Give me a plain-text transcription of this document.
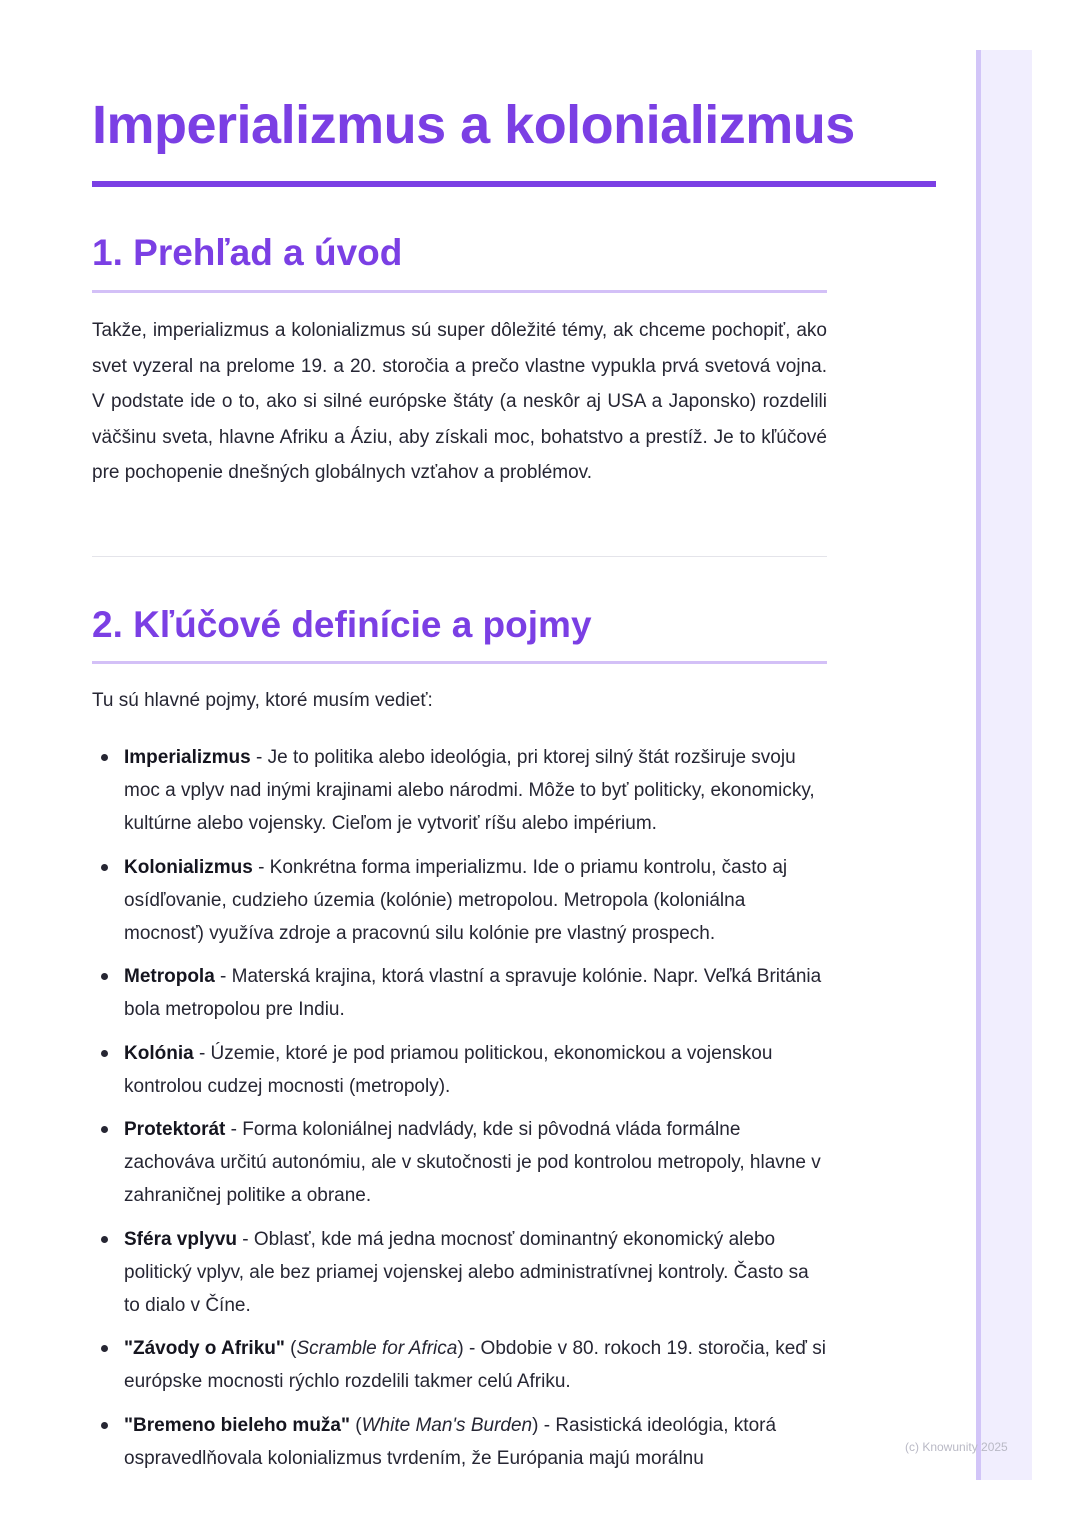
Imperializmus a kolonializmus
1. Prehľad a úvod

Takže, imperializmus a kolonializmus sú super dôležité témy, ak chceme pochopiť, ako svet vyzeral na prelome 19. a 20. storočia a prečo vlastne vypukla prvá svetová vojna. V podstate ide o to, ako si silné európske štáty (a neskôr aj USA a Japonsko) rozdelili väčšinu sveta, hlavne Afriku a Áziu, aby získali moc, bohatstvo a prestíž. Je to kľúčové pre pochopenie dnešných globálnych vzťahov a problémov.

2. Kľúčové definície a pojmy

Tu sú hlavné pojmy, ktoré musím vedieť:

Imperializmus - Je to politika alebo ideológia, pri ktorej silný štát rozširuje svoju moc a vplyv nad inými krajinami alebo národmi. Môže to byť politicky, ekonomicky, kultúrne alebo vojensky. Cieľom je vytvoriť ríšu alebo impérium.
Kolonializmus - Konkrétna forma imperializmu. Ide o priamu kontrolu, často aj osídľovanie, cudzieho územia (kolónie) metropolou. Metropola (koloniálna mocnosť) využíva zdroje a pracovnú silu kolónie pre vlastný prospech.
Metropola - Materská krajina, ktorá vlastní a spravuje kolónie. Napr. Veľká Británia bola metropolou pre Indiu.
Kolónia - Územie, ktoré je pod priamou politickou, ekonomickou a vojenskou kontrolou cudzej mocnosti (metropoly).
Protektorát - Forma koloniálnej nadvlády, kde si pôvodná vláda formálne zachováva určitú autonómiu, ale v skutočnosti je pod kontrolou metropoly, hlavne v zahraničnej politike a obrane.
Sféra vplyvu - Oblasť, kde má jedna mocnosť dominantný ekonomický alebo politický vplyv, ale bez priamej vojenskej alebo administratívnej kontroly. Často sa to dialo v Číne.
"Závody o Afriku" (Scramble for Africa) - Obdobie v 80. rokoch 19. storočia, keď si európske mocnosti rýchlo rozdelili takmer celú Afriku.
"Bremeno bieleho muža" (White Man's Burden) - Rasistická ideológia, ktorá ospravedlňovala kolonializmus tvrdením, že Európania majú morálnu
(c) Knowunity 2025
